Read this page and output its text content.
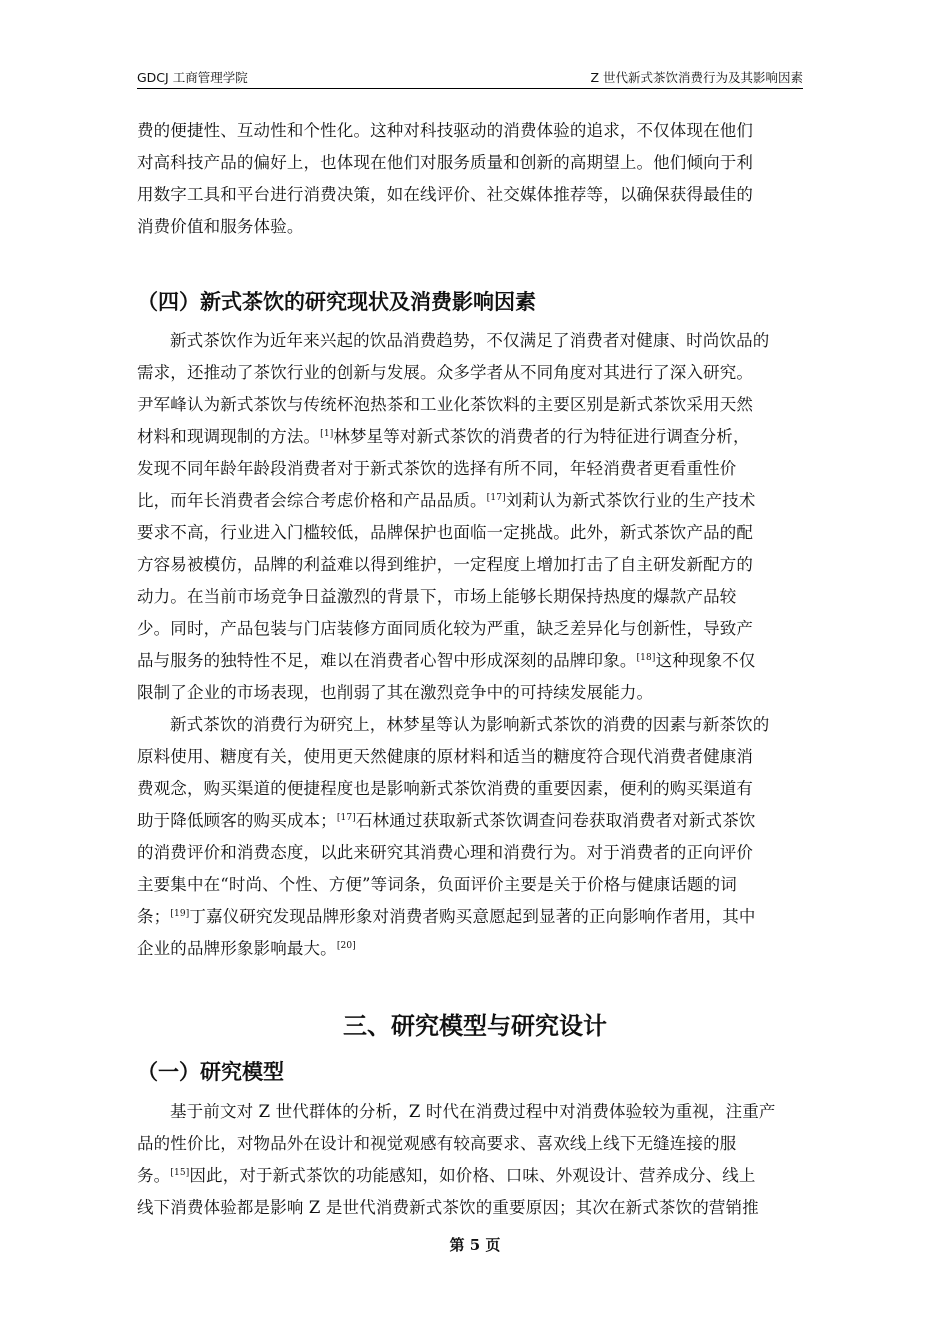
GDCJ 工商管理学院	Z 世代新式茶饮消费行为及其影响因素
费的便捷性、互动性和个性化。这种对科技驱动的消费体验的追求，不仅体现在他们
对高科技产品的偏好上，也体现在他们对服务质量和创新的高期望上。他们倾向于利
用数字工具和平台进行消费决策，如在线评价、社交媒体推荐等，以确保获得最佳的
消费价值和服务体验。
（四）新式茶饮的研究现状及消费影响因素
新式茶饮作为近年来兴起的饮品消费趋势，不仅满足了消费者对健康、时尚饮品的
需求，还推动了茶饮行业的创新与发展。众多学者从不同角度对其进行了深入研究。
尹军峰认为新式茶饮与传统杯泡热茶和工业化茶饮料的主要区别是新式茶饮采用天然
材料和现调现制的方法。[1]林梦星等对新式茶饮的消费者的行为特征进行调查分析，
发现不同年龄年龄段消费者对于新式茶饮的选择有所不同，年轻消费者更看重性价
比，而年长消费者会综合考虑价格和产品品质。[17]刘莉认为新式茶饮行业的生产技术
要求不高，行业进入门槛较低，品牌保护也面临一定挑战。此外，新式茶饮产品的配
方容易被模仿，品牌的利益难以得到维护，一定程度上增加打击了自主研发新配方的
动力。在当前市场竞争日益激烈的背景下，市场上能够长期保持热度的爆款产品较
少。同时，产品包装与门店装修方面同质化较为严重，缺乏差异化与创新性，导致产
品与服务的独特性不足，难以在消费者心智中形成深刻的品牌印象。[18]这种现象不仅
限制了企业的市场表现，也削弱了其在激烈竞争中的可持续发展能力。
新式茶饮的消费行为研究上，林梦星等认为影响新式茶饮的消费的因素与新茶饮的
原料使用、糖度有关，使用更天然健康的原材料和适当的糖度符合现代消费者健康消
费观念，购买渠道的便捷程度也是影响新式茶饮消费的重要因素，便利的购买渠道有
助于降低顾客的购买成本；[17]石林通过获取新式茶饮调查问卷获取消费者对新式茶饮
的消费评价和消费态度，以此来研究其消费心理和消费行为。对于消费者的正向评价
主要集中在“时尚、个性、方便”等词条，负面评价主要是关于价格与健康话题的词
条；[19]丁嘉仪研究发现品牌形象对消费者购买意愿起到显著的正向影响作者用，其中
企业的品牌形象影响最大。[20]
三、研究模型与研究设计
（一）研究模型
基于前文对 Z 世代群体的分析，Z 时代在消费过程中对消费体验较为重视，注重产
品的性价比，对物品外在设计和视觉观感有较高要求、喜欢线上线下无缝连接的服
务。[15]因此，对于新式茶饮的功能感知，如价格、口味、外观设计、营养成分、线上
线下消费体验都是影响 Z 是世代消费新式茶饮的重要原因；其次在新式茶饮的营销推
第 5 页
